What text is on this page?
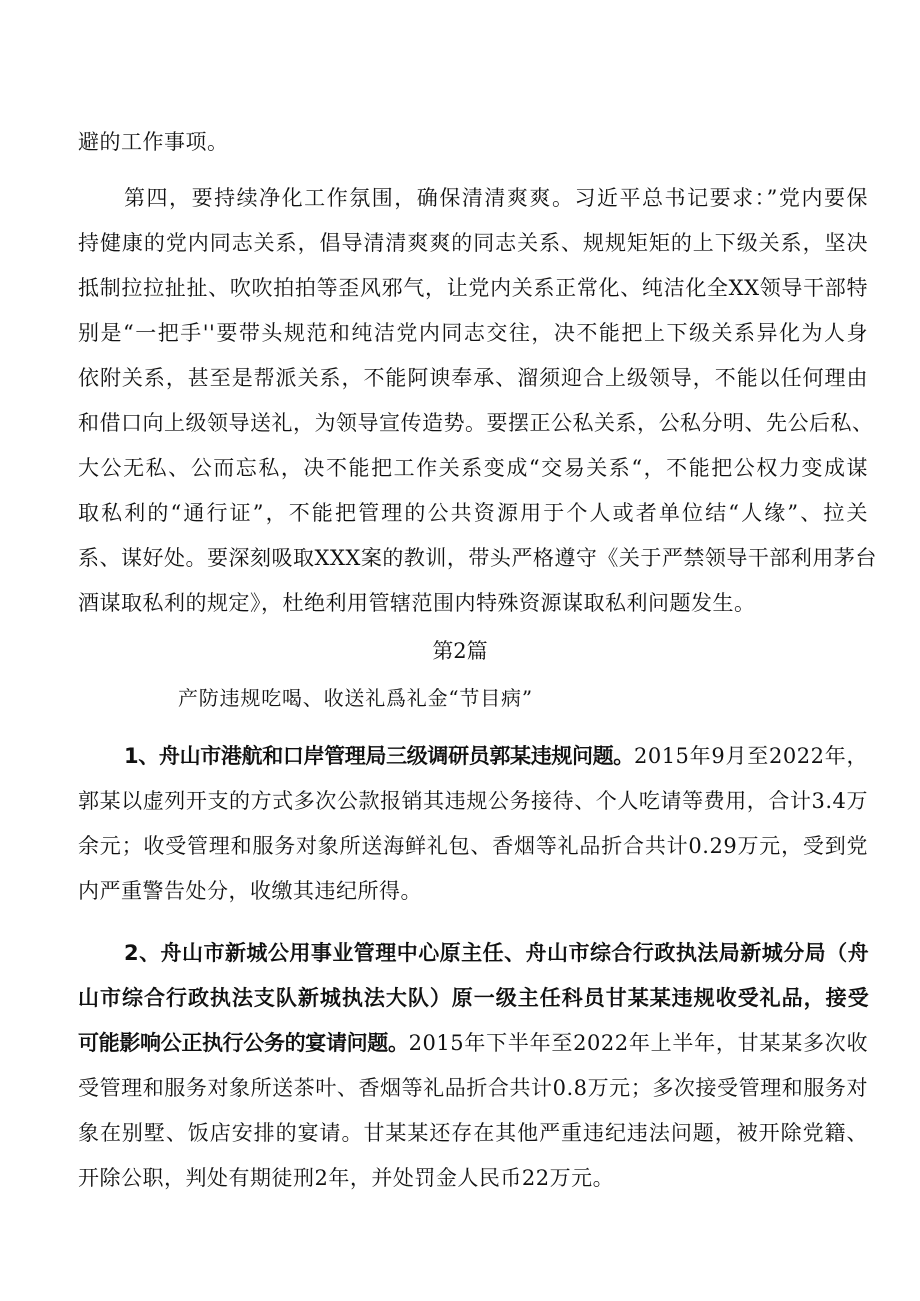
避的工作事项。
第四，要持续净化工作氛围，确保清清爽爽。习近平总书记要求：”党内要保
持健康的党内同志关系，倡导清清爽爽的同志关系、规规矩矩的上下级关系，坚决
抵制拉拉扯扯、吹吹拍拍等歪风邪气，让党内关系正常化、纯洁化全XX领导干部特
别是“一把手''要带头规范和纯洁党内同志交往，决不能把上下级关系异化为人身
依附关系，甚至是帮派关系，不能阿谀奉承、溜须迎合上级领导，不能以任何理由
和借口向上级领导送礼，为领导宣传造势。要摆正公私关系，公私分明、先公后私、
大公无私、公而忘私，决不能把工作关系变成“交易关系“，不能把公权力变成谋
取私利的“通行证”，不能把管理的公共资源用于个人或者单位结“人缘”、拉关
系、谋好处。要深刻吸取XXX案的教训，带头严格遵守《关于严禁领导干部利用茅台
酒谋取私利的规定》，杜绝利用管辖范围内特殊资源谋取私利问题发生。
第2篇
产防违规吃喝、收送礼爲礼金“节目病”
1、舟山市港航和口岸管理局三级调研员郭某违规问题。2015年9月至2022年，
郭某以虚列开支的方式多次公款报销其违规公务接待、个人吃请等费用，合计3.4万
余元；收受管理和服务对象所送海鲜礼包、香烟等礼品折合共计0.29万元，受到党
内严重警告处分，收缴其违纪所得。
2、舟山市新城公用事业管理中心原主任、舟山市综合行政执法局新城分局（舟
山市综合行政执法支队新城执法大队）原一级主任科员甘某某违规收受礼品，接受
可能影响公正执行公务的宴请问题。2015年下半年至2022年上半年，甘某某多次收
受管理和服务对象所送茶叶、香烟等礼品折合共计0.8万元；多次接受管理和服务对
象在别墅、饭店安排的宴请。甘某某还存在其他严重违纪违法问题，被开除党籍、
开除公职，判处有期徒刑2年，并处罚金人民币22万元。
